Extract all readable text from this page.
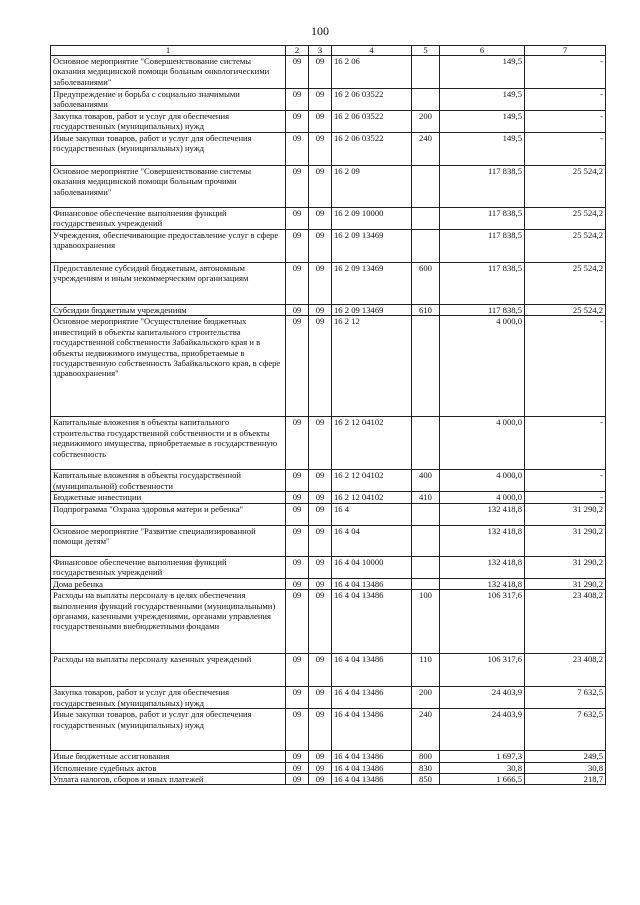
100
1	2	3	4	5	6	7
Основное мероприятие "Совершенствование системы оказания медицинской помощи больным онкологическими заболеваниями"	09	09	16 2 06		149,5	-
Предупреждение и борьба с социально значимыми заболеваниями	09	09	16 2 06 03522		149,5	-
Закупка товаров, работ и услуг для обеспечения государственных (муниципальных) нужд	09	09	16 2 06 03522	200	149,5	-
Иные закупки товаров, работ и услуг для обеспечения государственных (муниципальных) нужд	09	09	16 2 06 03522	240	149,5	-
Основное мероприятие "Совершенствование системы оказания медицинской помощи больным прочими заболеваниями"	09	09	16 2 09		117 838,5	25 524,2
Финансовое обеспечение выполнения функций государственных учреждений	09	09	16 2 09 10000		117 838,5	25 524,2
Учреждения, обеспечивающие предоставление услуг в сфере здравоохранения	09	09	16 2 09 13469		117 838,5	25 524,2
Предоставление субсидий бюджетным, автономным учреждениям и иным некоммерческим организациям	09	09	16 2 09 13469	600	117 838,5	25 524,2
Субсидии бюджетным учреждениям	09	09	16 2 09 13469	610	117 838,5	25 524,2
Основное мероприятие "Осуществление бюджетных инвестиций в объекты капитального строительства государственной собственности Забайкальского края и в объекты недвижимого имущества, приобретаемые в государственную собственность Забайкальского края, в сфере здравоохранения"	09	09	16 2 12		4 000,0	-
Капитальные вложения в объекты капитального строительства государственной собственности и в объекты недвижимого имущества, приобретаемые в государственную собственность	09	09	16 2 12 04102		4 000,0	-
Капитальные вложения в объекты государственной (муниципальной) собственности	09	09	16 2 12 04102	400	4 000,0	-
Бюджетные инвестиции	09	09	16 2 12 04102	410	4 000,0	-
Подпрограмма "Охрана здоровья матери и ребенка"	09	09	16 4		132 418,8	31 290,2
Основное мероприятие "Развитие специализированной помощи детям"	09	09	16 4 04		132 418,8	31 290,2
Финансовое обеспечение выполнения функций государственных учреждений	09	09	16 4 04 10000		132 418,8	31 290,2
Дома ребенка	09	09	16 4 04 13486		132 418,8	31 290,2
Расходы на выплаты персоналу в целях обеспечения выполнения функций государственными (муниципальными) органами, казенными учреждениями, органами управления государственными внебюджетными фондами	09	09	16 4 04 13486	100	106 317,6	23 408,2
Расходы на выплаты персоналу казенных учреждений	09	09	16 4 04 13486	110	106 317,6	23 408,2
Закупка товаров, работ и услуг для обеспечения государственных (муниципальных) нужд	09	09	16 4 04 13486	200	24 403,9	7 632,5
Иные закупки товаров, работ и услуг для обеспечения государственных (муниципальных) нужд	09	09	16 4 04 13486	240	24 403,9	7 632,5
Иные бюджетные ассигнования	09	09	16 4 04 13486	800	1 697,3	249,5
Исполнение судебных актов	09	09	16 4 04 13486	830	30,8	30,8
Уплата налогов, сборов и иных платежей	09	09	16 4 04 13486	850	1 666,5	218,7
